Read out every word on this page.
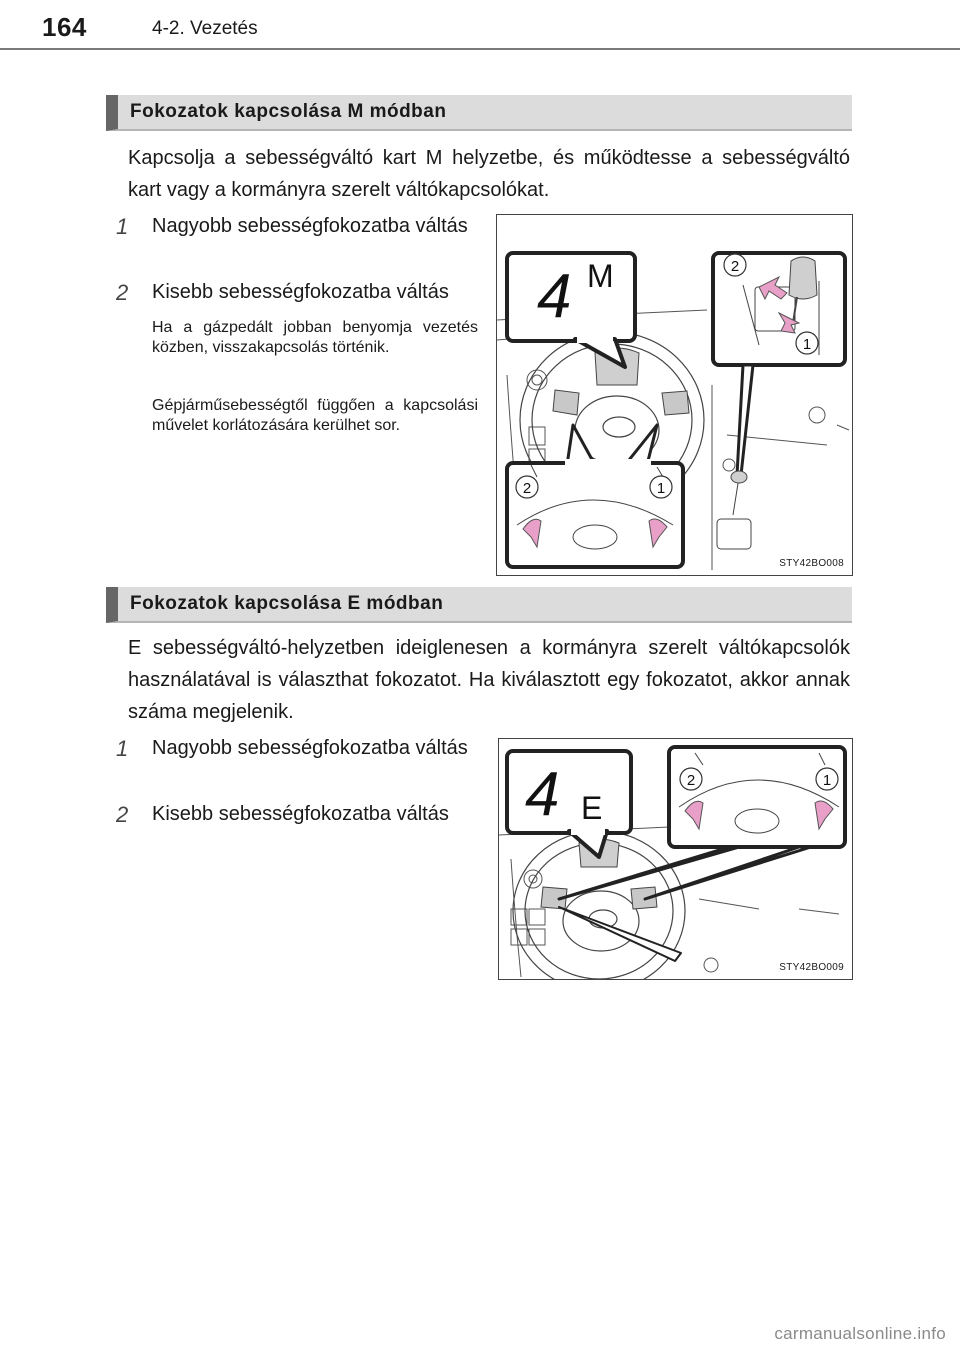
164	4-2. Vezetés
Fokozatok kapcsolása M módban
Kapcsolja a sebességváltó kart M helyzetbe, és működtesse a sebességváltó kart vagy a kormányra szerelt váltókapcsolókat.
1	Nagyobb sebességfokozatba váltás
2	Kisebb sebességfokozatba váltás
Ha a gázpedált jobban benyomja vezetés közben, visszakapcsolás történik.
Gépjárműsebességtől függően a kapcsolási művelet korlátozására kerülhet sor.
4 M	2
1
2	1
STY42BO008
Fokozatok kapcsolása E módban
E sebességváltó-helyzetben ideiglenesen a kormányra szerelt váltókapcsolók használatával is választhat fokozatot. Ha kiválasztott egy fokozatot, akkor annak száma megjelenik.
1	Nagyobb sebességfokozatba váltás
2	Kisebb sebességfokozatba váltás	4 E
2	1
STY42BO009
carmanualsonline.info
